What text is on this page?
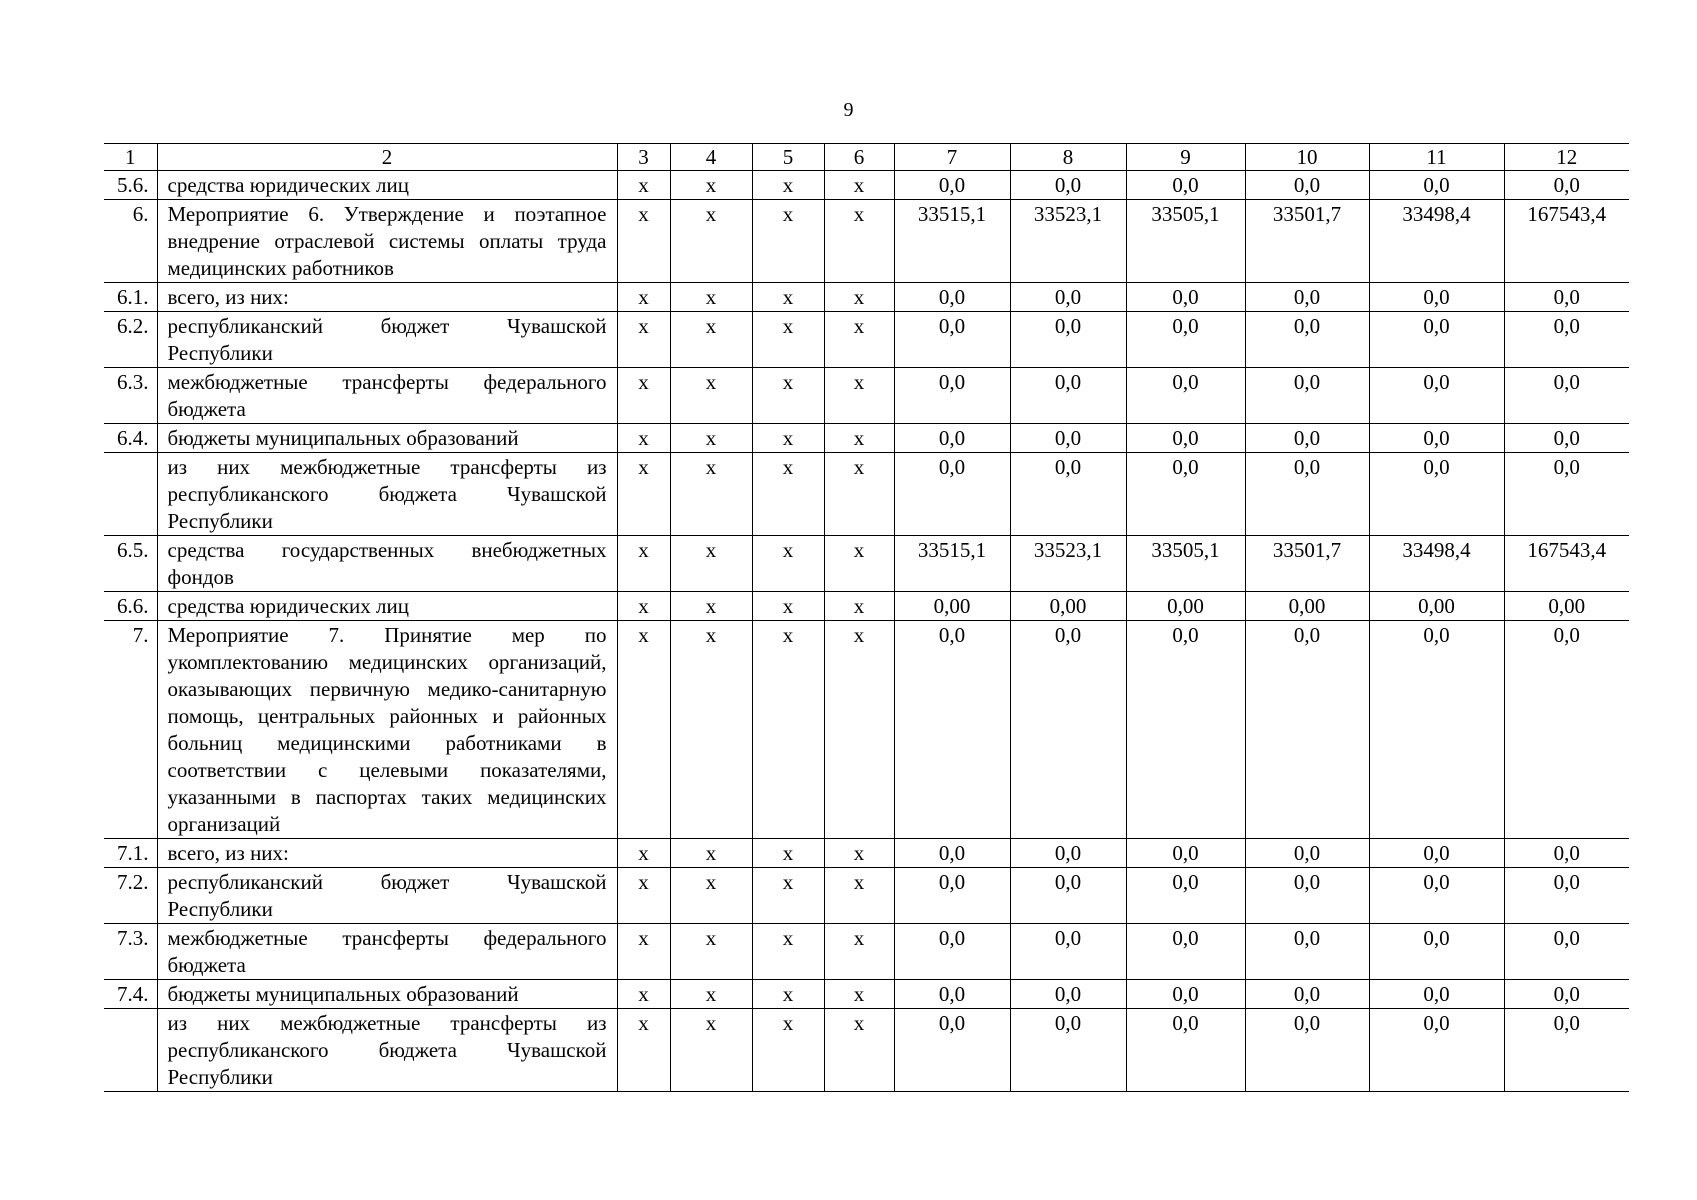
9
1	2	3	4	5	6	7	8	9	10	11	12
5.6.	средства юридических лиц	х	х	х	х	0,0	0,0	0,0	0,0	0,0	0,0
6.	Мероприятие 6. Утверждение и поэтапное внедрение отраслевой системы оплаты труда медицинских работников	х	х	х	х	33515,1	33523,1	33505,1	33501,7	33498,4	167543,4
6.1.	всего, из них:	х	х	х	х	0,0	0,0	0,0	0,0	0,0	0,0
6.2.	республиканский бюджет Чувашской Республики	х	х	х	х	0,0	0,0	0,0	0,0	0,0	0,0
6.3.	межбюджетные трансферты федерального бюджета	х	х	х	х	0,0	0,0	0,0	0,0	0,0	0,0
6.4.	бюджеты муниципальных образований	х	х	х	х	0,0	0,0	0,0	0,0	0,0	0,0
	из них межбюджетные трансферты из республиканского бюджета Чувашской Республики	х	х	х	х	0,0	0,0	0,0	0,0	0,0	0,0
6.5.	средства государственных внебюджетных фондов	х	х	х	х	33515,1	33523,1	33505,1	33501,7	33498,4	167543,4
6.6.	средства юридических лиц	х	х	х	х	0,00	0,00	0,00	0,00	0,00	0,00
7.	Мероприятие 7. Принятие мер по укомплектованию медицинских организаций, оказывающих первичную медико-санитарную помощь, центральных районных и районных больниц медицинскими работниками в соответствии с целевыми показателями, указанными в паспортах таких медицинских организаций	х	х	х	х	0,0	0,0	0,0	0,0	0,0	0,0
7.1.	всего, из них:	х	х	х	х	0,0	0,0	0,0	0,0	0,0	0,0
7.2.	республиканский бюджет Чувашской Республики	х	х	х	х	0,0	0,0	0,0	0,0	0,0	0,0
7.3.	межбюджетные трансферты федерального бюджета	х	х	х	х	0,0	0,0	0,0	0,0	0,0	0,0
7.4.	бюджеты муниципальных образований	х	х	х	х	0,0	0,0	0,0	0,0	0,0	0,0
	из них межбюджетные трансферты из республиканского бюджета Чувашской Республики	х	х	х	х	0,0	0,0	0,0	0,0	0,0	0,0
